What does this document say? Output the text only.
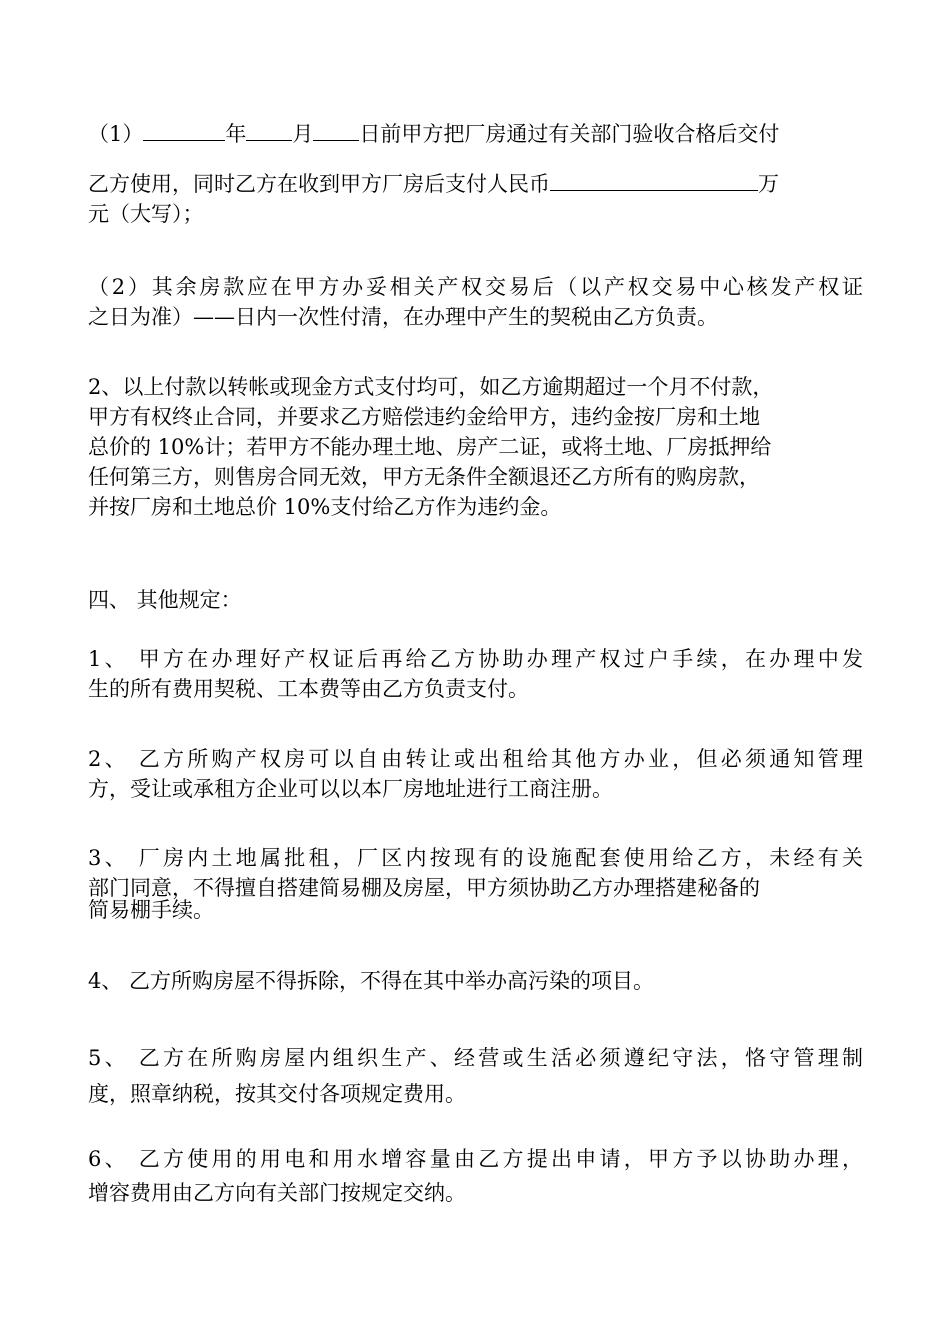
（1）	年 月 日前甲方把厂房通过有关部门验收合格后交付
乙方使用，同时乙方在收到甲方厂房后支付人民币	万
元（大写）；
（2）其余房款应在甲方办妥相关产权交易后（以产权交易中心核发产权证
之日为准）——日内一次性付清，在办理中产生的契税由乙方负责。
2、以上付款以转帐或现金方式支付均可，如乙方逾期超过一个月不付款，
甲方有权终止合同，并要求乙方赔偿违约金给甲方，违约金按厂房和土地
总价的 10%计；若甲方不能办理土地、房产二证，或将土地、厂房抵押给
任何第三方，则售房合同无效，甲方无条件全额退还乙方所有的购房款，
并按厂房和土地总价 10%支付给乙方作为违约金。
四、 其他规定：
1、 甲方在办理好产权证后再给乙方协助办理产权过户手续，在办理中发
生的所有费用契税、工本费等由乙方负责支付。
2、 乙方所购产权房可以自由转让或出租给其他方办业，但必须通知管理
方，受让或承租方企业可以以本厂房地址进行工商注册。
3、 厂房内土地属批租，厂区内按现有的设施配套使用给乙方，未经有关
部门同意，不得擅自搭建简易棚及房屋，甲方须协助乙方办理搭建秘备的
简易棚手续。
4、 乙方所购房屋不得拆除，不得在其中举办高污染的项目。
5、 乙方在所购房屋内组织生产、经营或生活必须遵纪守法，恪守管理制
度，照章纳税，按其交付各项规定费用。
6、 乙方使用的用电和用水增容量由乙方提出申请，甲方予以协助办理，
增容费用由乙方向有关部门按规定交纳。
